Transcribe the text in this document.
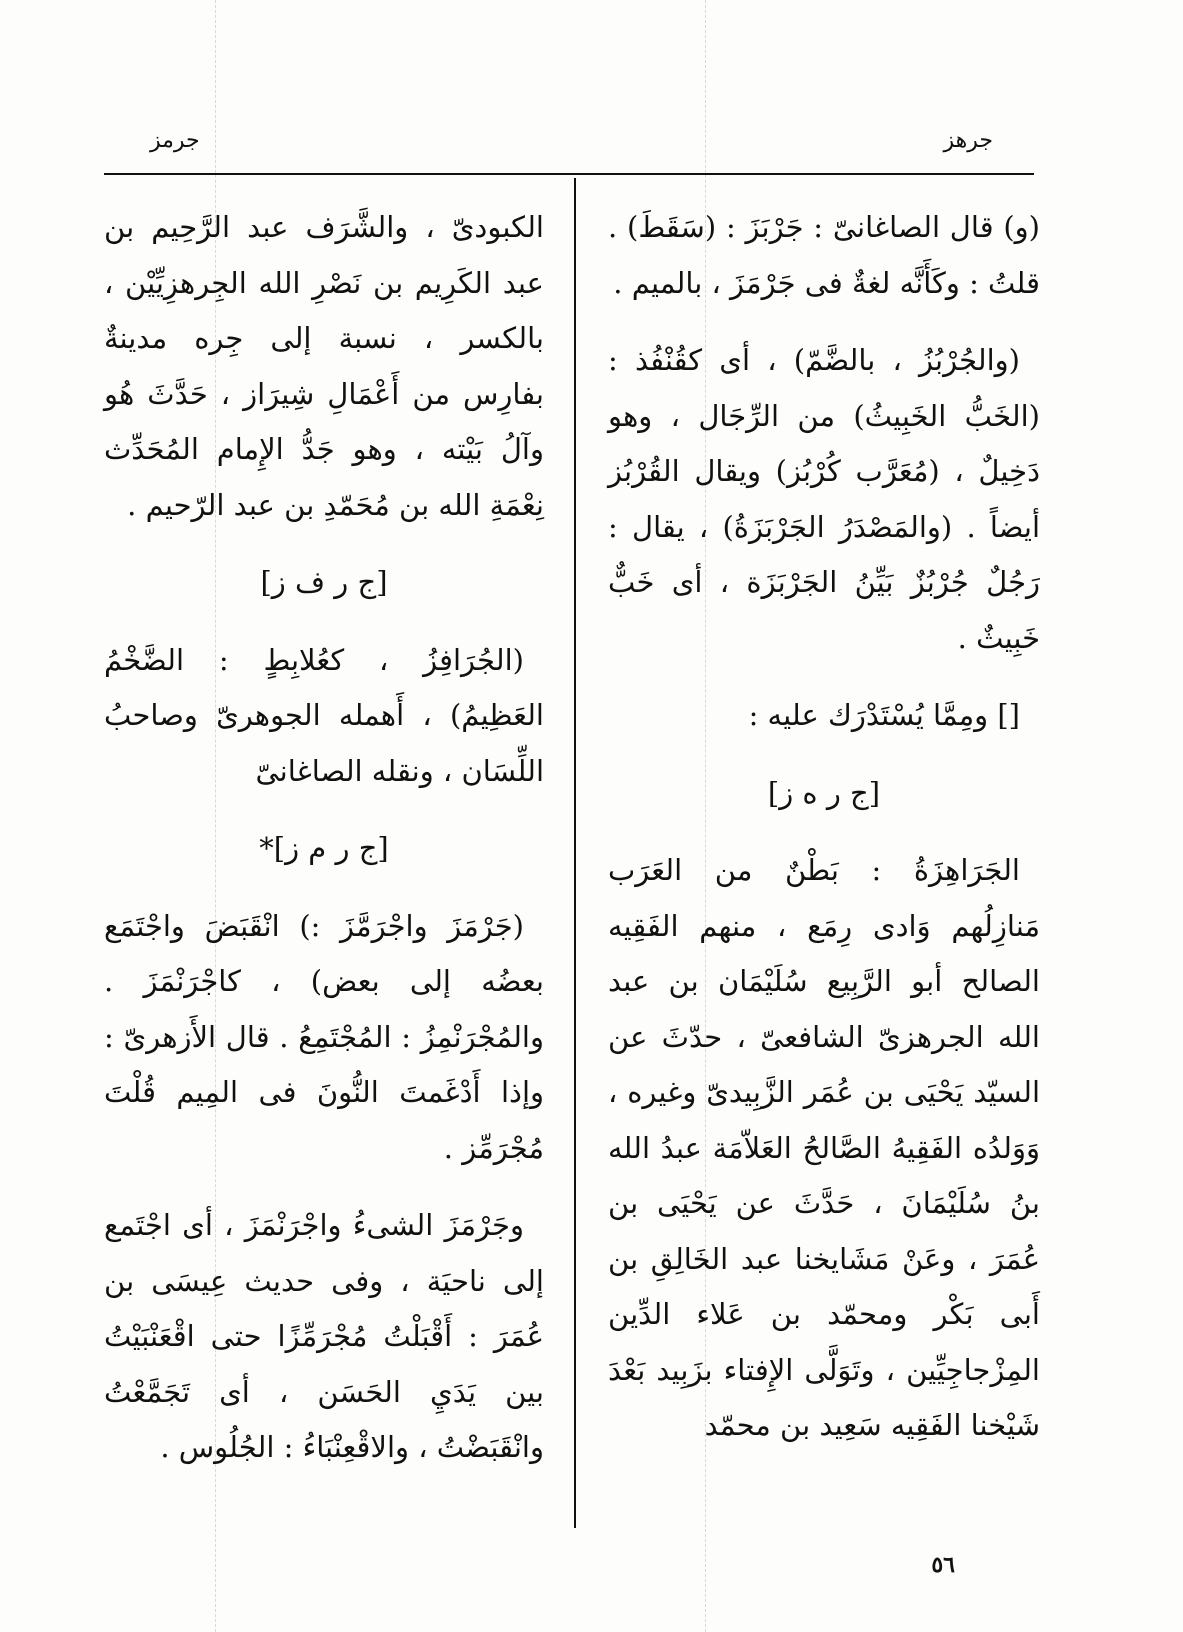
جرهز
جرمز

(و) قال الصاغانىّ : جَرْبَزَ : (سَقَطَ) . قلتُ : وكَأَنَّه لغةٌ فى جَرْمَزَ ، بالميم .

(والجُرْبُزُ ، بالضَّمّ) ، أى كقُنْفُذ : (الخَبُّ الخَبِيثُ) من الرِّجَال ، وهو دَخِيلٌ ، (مُعَرَّب كُرْبُز) ويقال القُرْبُز أيضاً . (والمَصْدَرُ الجَرْبَزَةُ) ، يقال : رَجُلٌ جُرْبُزٌ بَيِّنُ الجَرْبَزَة ، أى خَبٌّ خَبِيثٌ .

[] ومِمَّا يُسْتَدْرَك عليه :

[ج ر ه ز]

الجَرَاهِزَةُ : بَطْنٌ من العَرَب مَنازِلُهم وَادى رِمَع ، منهم الفَقِيه الصالح أبو الرَّبِيع سُلَيْمَان بن عبد الله الجرهزىّ الشافعىّ ، حدّثَ عن السيّد يَحْيَى بن عُمَر الزَّبِيدىّ وغيره ، وَوَلدُه الفَقِيهُ الصَّالحُ العَلاّمَة عبدُ الله بنُ سُلَيْمَانَ ، حَدَّثَ عن يَحْيَى بن عُمَرَ ، وعَنْ مَشَايخنا عبد الخَالِقِ بن أَبى بَكْر ومحمّد بن عَلاء الدِّين المِزْجاجِيِّين ، وتَوَلَّى الإِفتاء بزَبِيد بَعْدَ شَيْخنا الفَقِيه سَعِيد بن محمّد

الكبودىّ ، والشَّرَف عبد الرَّحِيم بن عبد الكَرِيم بن نَصْرِ الله الجِرهزِيِّيْن ، بالكسر ، نسبة إلى جِره مدينةٌ بفارِس من أَعْمَالِ شِيرَاز ، حَدَّثَ هُو وآلُ بَيْته ، وهو جَدُّ الإِمام المُحَدِّث نِعْمَةِ الله بن مُحَمّدِ بن عبد الرّحيم .

[ج ر ف ز]

(الجُرَافِزُ ، كعُلابِطٍ : الضَّخْمُ العَظِيمُ) ، أَهمله الجوهرىّ وصاحبُ اللِّسَان ، ونقله الصاغانىّ

[ج ر م ز]*

(جَرْمَزَ واجْرَمَّزَ :) انْقَبَضَ واجْتَمَع بعضُه إلى بعض) ، كاجْرَنْمَزَ . والمُجْرَنْمِزُ : المُجْتَمِعُ . قال الأَزهرىّ : وإذا أَدْغَمتَ النُّونَ فى المِيم قُلْتَ مُجْرَمِّز .

وجَرْمَزَ الشىءُ واجْرَنْمَزَ ، أى اجْتَمع إلى ناحيَة ، وفى حديث عِيسَى بن عُمَرَ : أَقْبَلْتُ مُجْرَمِّزًا حتى اقْعَنْبَيْتُ بين يَدَيِ الحَسَن ، أى تَجَمَّعْتُ وانْقَبَضْتُ ، والاقْعِنْبَاءُ : الجُلُوس .

٥٦
